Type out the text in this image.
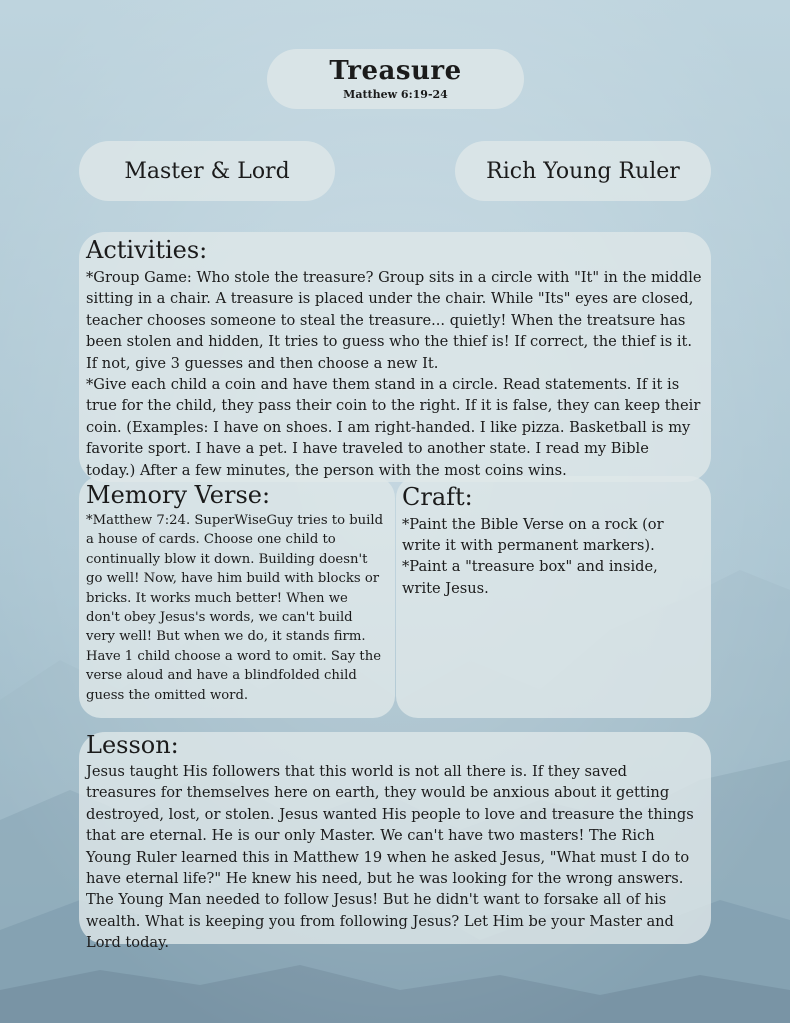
Treasure
Matthew 6:19-24
Master & Lord	Rich Young Ruler
Activities:
*Group Game: Who stole the treasure? Group sits in a circle with "It" in the middle
sitting in a chair. A treasure is placed under the chair. While "Its" eyes are closed,
teacher chooses someone to steal the treasure... quietly! When the treatsure has
been stolen and hidden, It tries to guess who the thief is! If correct, the thief is it.
If not, give 3 guesses and then choose a new It.
*Give each child a coin and have them stand in a circle. Read statements. If it is
true for the child, they pass their coin to the right. If it is false, they can keep their
coin. (Examples: I have on shoes. I am right-handed. I like pizza. Basketball is my
favorite sport. I have a pet. I have traveled to another state. I read my Bible
today.) After a few minutes, the person with the most coins wins.
Memory Verse:
*Matthew 7:24. SuperWiseGuy tries to build
a house of cards. Choose one child to
continually blow it down. Building doesn't
go well! Now, have him build with blocks or
bricks. It works much better! When we
don't obey Jesus's words, we can't build
very well! But when we do, it stands firm.
Have 1 child choose a word to omit. Say the
verse aloud and have a blindfolded child
guess the omitted word.
Craft:
*Paint the Bible Verse on a rock (or
write it with permanent markers).
*Paint a "treasure box" and inside,
write Jesus.
Lesson:
Jesus taught His followers that this world is not all there is. If they saved
treasures for themselves here on earth, they would be anxious about it getting
destroyed, lost, or stolen. Jesus wanted His people to love and treasure the things
that are eternal. He is our only Master. We can't have two masters! The Rich
Young Ruler learned this in Matthew 19 when he asked Jesus, "What must I do to
have eternal life?" He knew his need, but he was looking for the wrong answers.
The Young Man needed to follow Jesus! But he didn't want to forsake all of his
wealth. What is keeping you from following Jesus? Let Him be your Master and
Lord today.
